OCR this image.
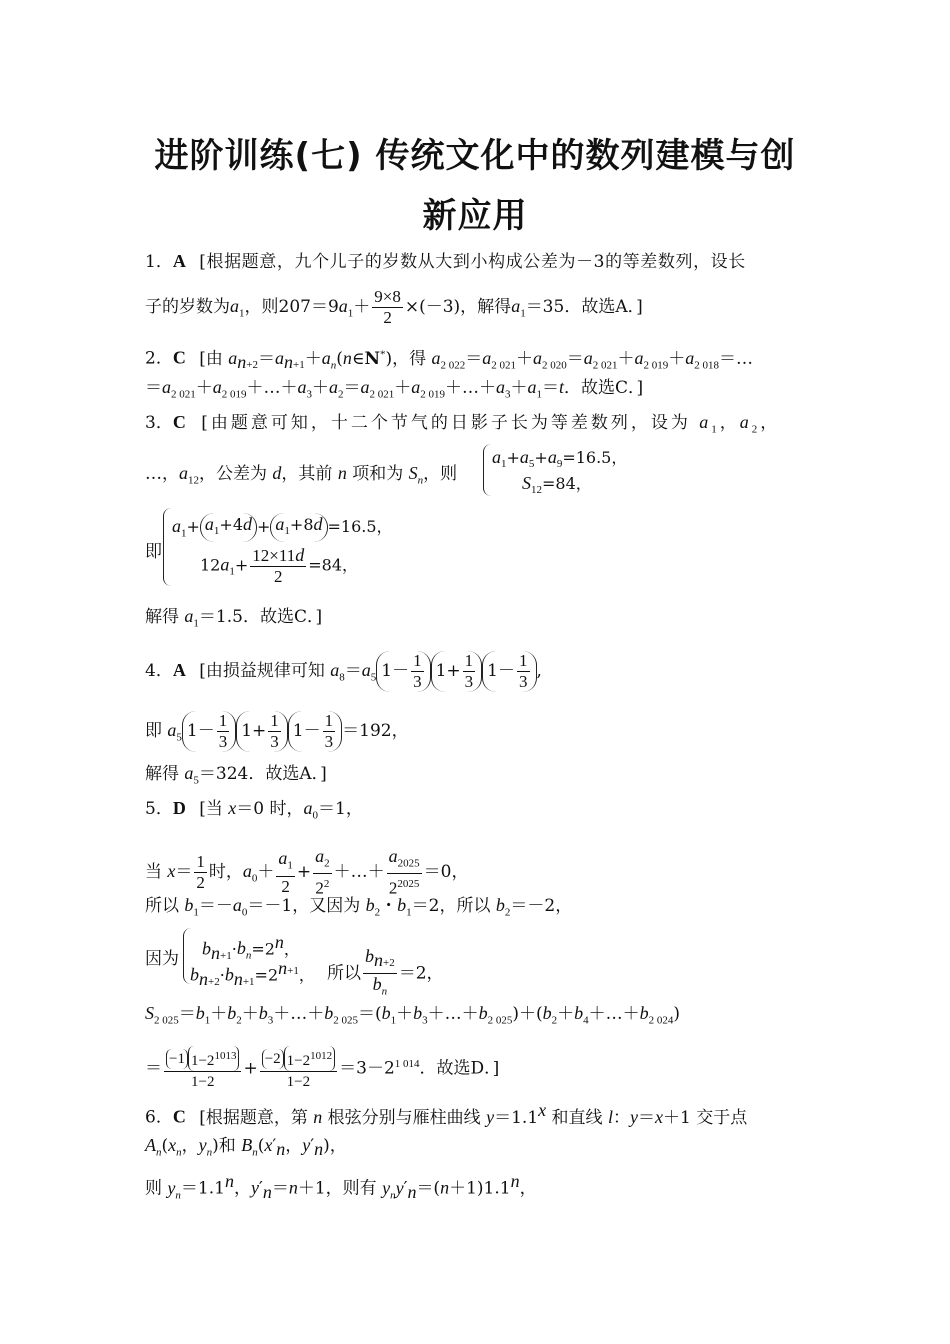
进阶训练(七) 传统文化中的数列建模与创
新应用
1．A [根据题意，九个儿子的岁数从大到小构成公差为－3的等差数列，设长
子的岁数为$a_1$，则$207=9a_1+ \frac{9\times 8}{2} \times(-3)$，解得$a_1=35$．故选A．]
2．C [由 $a_{n+2}=a_{n+1}+a_n(n\in N^*)$，得 $a_{2 022}=a_{2 021}+a_{2 020}=a_{2 021}+a_{2 019}+a_{2 018}=\dots$
$=a_{2 021}+a_{2 019}+\dots+a_3+a_2=a_{2 021}+a_{2 019}+\dots+a_3+a_1=t$．故选C．]
3．C [由题意可知，十二个节气的日影子长为等差数列，设为 $a_1$，$a_2$，
…，$a_{12}$，公差为 d，其前 n 项和为 $S_n$，则
$a_1+a_5+a_9=16.5$，
$S_{12}=84$，
即
$a_1+ a_1+4d + a_1+8d =16.5$，
$12a_1+ \frac{12\times 11d}{2} =84$，
解得 $a_1=1.5$．故选C．]
4．A [由损益规律可知 $a_8=a_5$ $1- \frac{1}{3} 1+ \frac{1}{3} 1- \frac{1}{3}$ ,
即 $a_5$ $1- \frac{1}{3} 1+ \frac{1}{3} 1- \frac{1}{3} =192$，
解得 $a_5=324$．故选A．]
5．D [当 x＝0 时，$a_0=1$，
当 $x= \frac{1}{2}$ 时，$a_0+ \frac{a_1}{2} + \frac{a_2}{2^2}$ ＋…＋ $\frac{a_{2025}}{2^{2025}} =0$，
所以 $b_1=-a_0=-1$，又因为 $b_2$・$b_1=2$，所以 $b_2=-2$，
因为
$b_{n+1}\cdot b_n=2^n$，
$b_{n+2}\cdot b_{n+1}=2^{n+1}$， 所以 $\frac{b_{n+2}}{b_n} =2$，
$S_{2 025}=b_1+b_2+b_3+\dots+b_{2 025}=(b_1+b_3+\dots+b_{2 025})+(b_2+b_4+\dots+b_{2 024})$
＝ $\frac{-1 1-2^{1013}}{1-2} + \frac{-2 1-2^{1012}}{1-2} =3-2^{1 014}$．故选D．]
6．C [根据题意，第 n 根弦分别与雁柱曲线 $y=1.1^x$ 和直线 l：y＝x＋1 交于点
$A_n(x_n$，$y_n$)和 $B_n(x'_n$，$y'_n$)，
则 $y_n=1.1^n$，$y'_n=n+1$，则有 $y_ny'_n=(n+1)1.1^n$，
